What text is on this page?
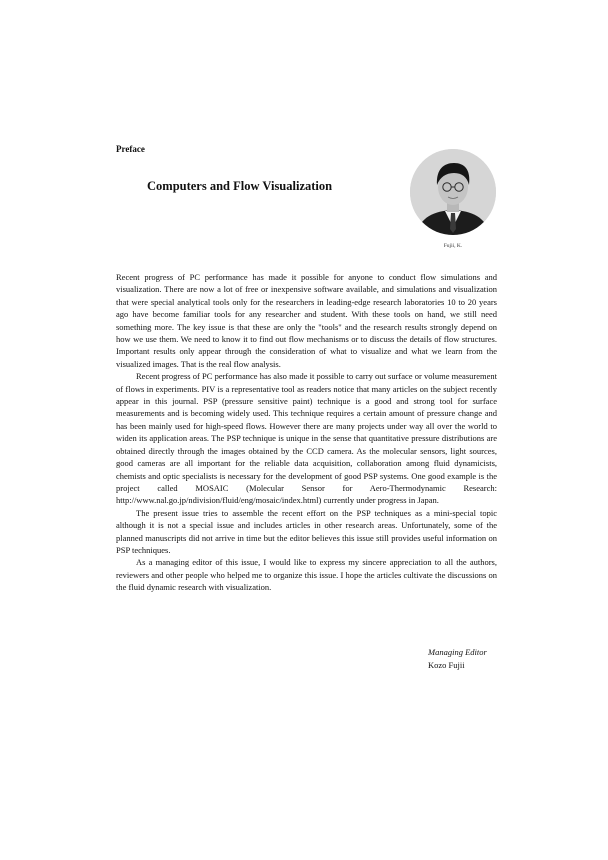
Preface
Computers and Flow Visualization
Fujii, K.

Recent progress of PC performance has made it possible for anyone to conduct flow simulations and visualization. There are now a lot of free or inexpensive software available, and simulations and visualization that were special analytical tools only for the researchers in leading-edge research laboratories 10 to 20 years ago have become familiar tools for any researcher and student. With these tools on hand, we still need something more. The key issue is that these are only the "tools" and the research results strongly depend on how we use them. We need to know it to find out flow mechanisms or to discuss the details of flow structures. Important results only appear through the consideration of what to visualize and what we learn from the visualized images. That is the real flow analysis.

Recent progress of PC performance has also made it possible to carry out surface or volume measurement of flows in experiments. PIV is a representative tool as readers notice that many articles on the subject recently appear in this journal. PSP (pressure sensitive paint) technique is a good and strong tool for surface measurements and is becoming widely used. This technique requires a certain amount of pressure change and has been mainly used for high-speed flows. However there are many projects under way all over the world to widen its application areas. The PSP technique is unique in the sense that quantitative pressure distributions are obtained directly through the images obtained by the CCD camera. As the molecular sensors, light sources, good cameras are all important for the reliable data acquisition, collaboration among fluid dynamicists, chemists and optic specialists is necessary for the development of good PSP systems. One good example is the project called MOSAIC (Molecular Sensor for Aero-Thermodynamic Research: http://www.nal.go.jp/ndivision/fluid/eng/mosaic/index.html) currently under progress in Japan.

The present issue tries to assemble the recent effort on the PSP techniques as a mini-special topic although it is not a special issue and includes articles in other research areas. Unfortunately, some of the planned manuscripts did not arrive in time but the editor believes this issue still provides useful information on PSP techniques.

As a managing editor of this issue, I would like to express my sincere appreciation to all the authors, reviewers and other people who helped me to organize this issue. I hope the articles cultivate the discussions on the fluid dynamic research with visualization.

Managing Editor
Kozo Fujii
